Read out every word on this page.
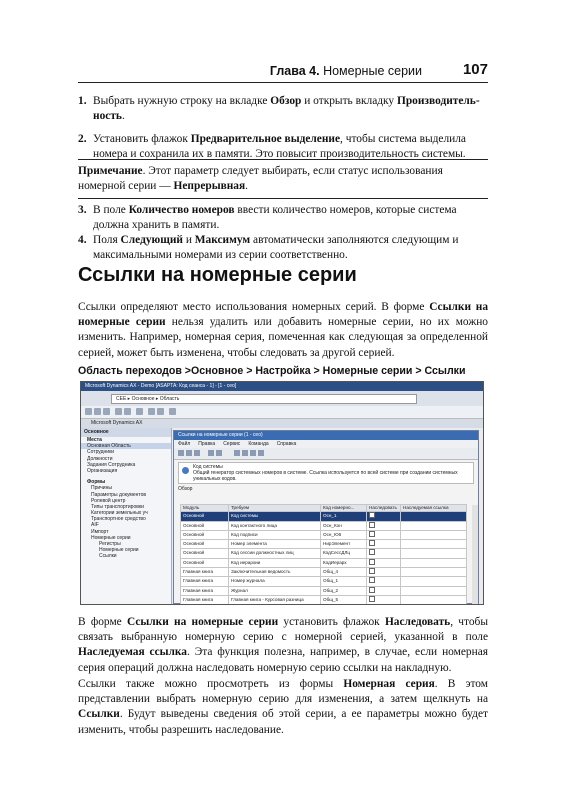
Глава 4. Номерные серии	107
1. Выбрать нужную строку на вкладке Обзор и открыть вкладку Производитель-ность.
2. Установить флажок Предварительное выделение, чтобы система выделила номера и сохранила их в памяти. Это повысит производительность системы.
Примечание. Этот параметр следует выбирать, если статус использования номерной серии — Непрерывная.
3. В поле Количество номеров ввести количество номеров, которые система должна хранить в памяти.
4. Поля Следующий и Максимум автоматически заполняются следующим и максимальными номерами из серии соответственно.
Ссылки на номерные серии
Ссылки определяют место использования номерных серий. В форме Ссылки на номерные серии нельзя удалить или добавить номерные серии, но их можно изменить. Например, номерная серия, помеченная как следующая за определенной серией, может быть изменена, чтобы следовать за другой серией.
Область переходов >Основное > Настройка > Номерные серии > Ссылки
Microsoft Dynamics AX - Demo [ASAPTA: Код сеанса - 1] - [1 - ceo]
CEE ▸ Основное ▸ Область
Microsoft Dynamics AX
Основное
Места
Основная Область
Сотрудники
Должности
Задания Сотрудника
Организация
Формы
Причины
Параметры документов
Ролевой центр
Типы транспортировки
Категории земельных уч
Транспортное средство
AIF
Импорт
Номерные серии
Регистры
Номерные серии
Ссылки
Ссылки на номерные серии (1 - ceo)
Файл Правка Сервис Команда Справка
Код системы
Общий генератор системных номеров в системе. Ссылка используется по всей системе при создании системных уникальных кодов.
Обзор
Модуль	Требуем	Код номерно...	Наследовать	Наследуемая ссылка
Основной	Код системы	Осн_1		
Основной	Код контактного лица	Осн_Кон		
Основной	Код подписи	Осн_Ю6		
Основной	Номер элемента	НирЭлемент		
Основной	Код сессии должностных лиц	КодСессДЛц		
Основной	Код иерархии	КодИерарх		
Главная книга	Заключительная ведомость	Общ_4		
Главная книга	Номер журнала	Общ_1		
Главная книга	Журнал	Общ_2		
Главная книга	Главная книга - Курсовая разница	Общ_5		
В форме Ссылки на номерные серии установить флажок Наследовать, чтобы связать выбранную номерную серию с номерной серией, указанной в поле Наследуемая ссылка. Эта функция полезна, например, в случае, если номерная серия операций должна наследовать номерную серию ссылки на накладную.
Ссылки также можно просмотреть из формы Номерная серия. В этом представлении выбрать номерную серию для изменения, а затем щелкнуть на Ссылки. Будут выведены сведения об этой серии, а ее параметры можно будет изменить, чтобы разрешить наследование.
